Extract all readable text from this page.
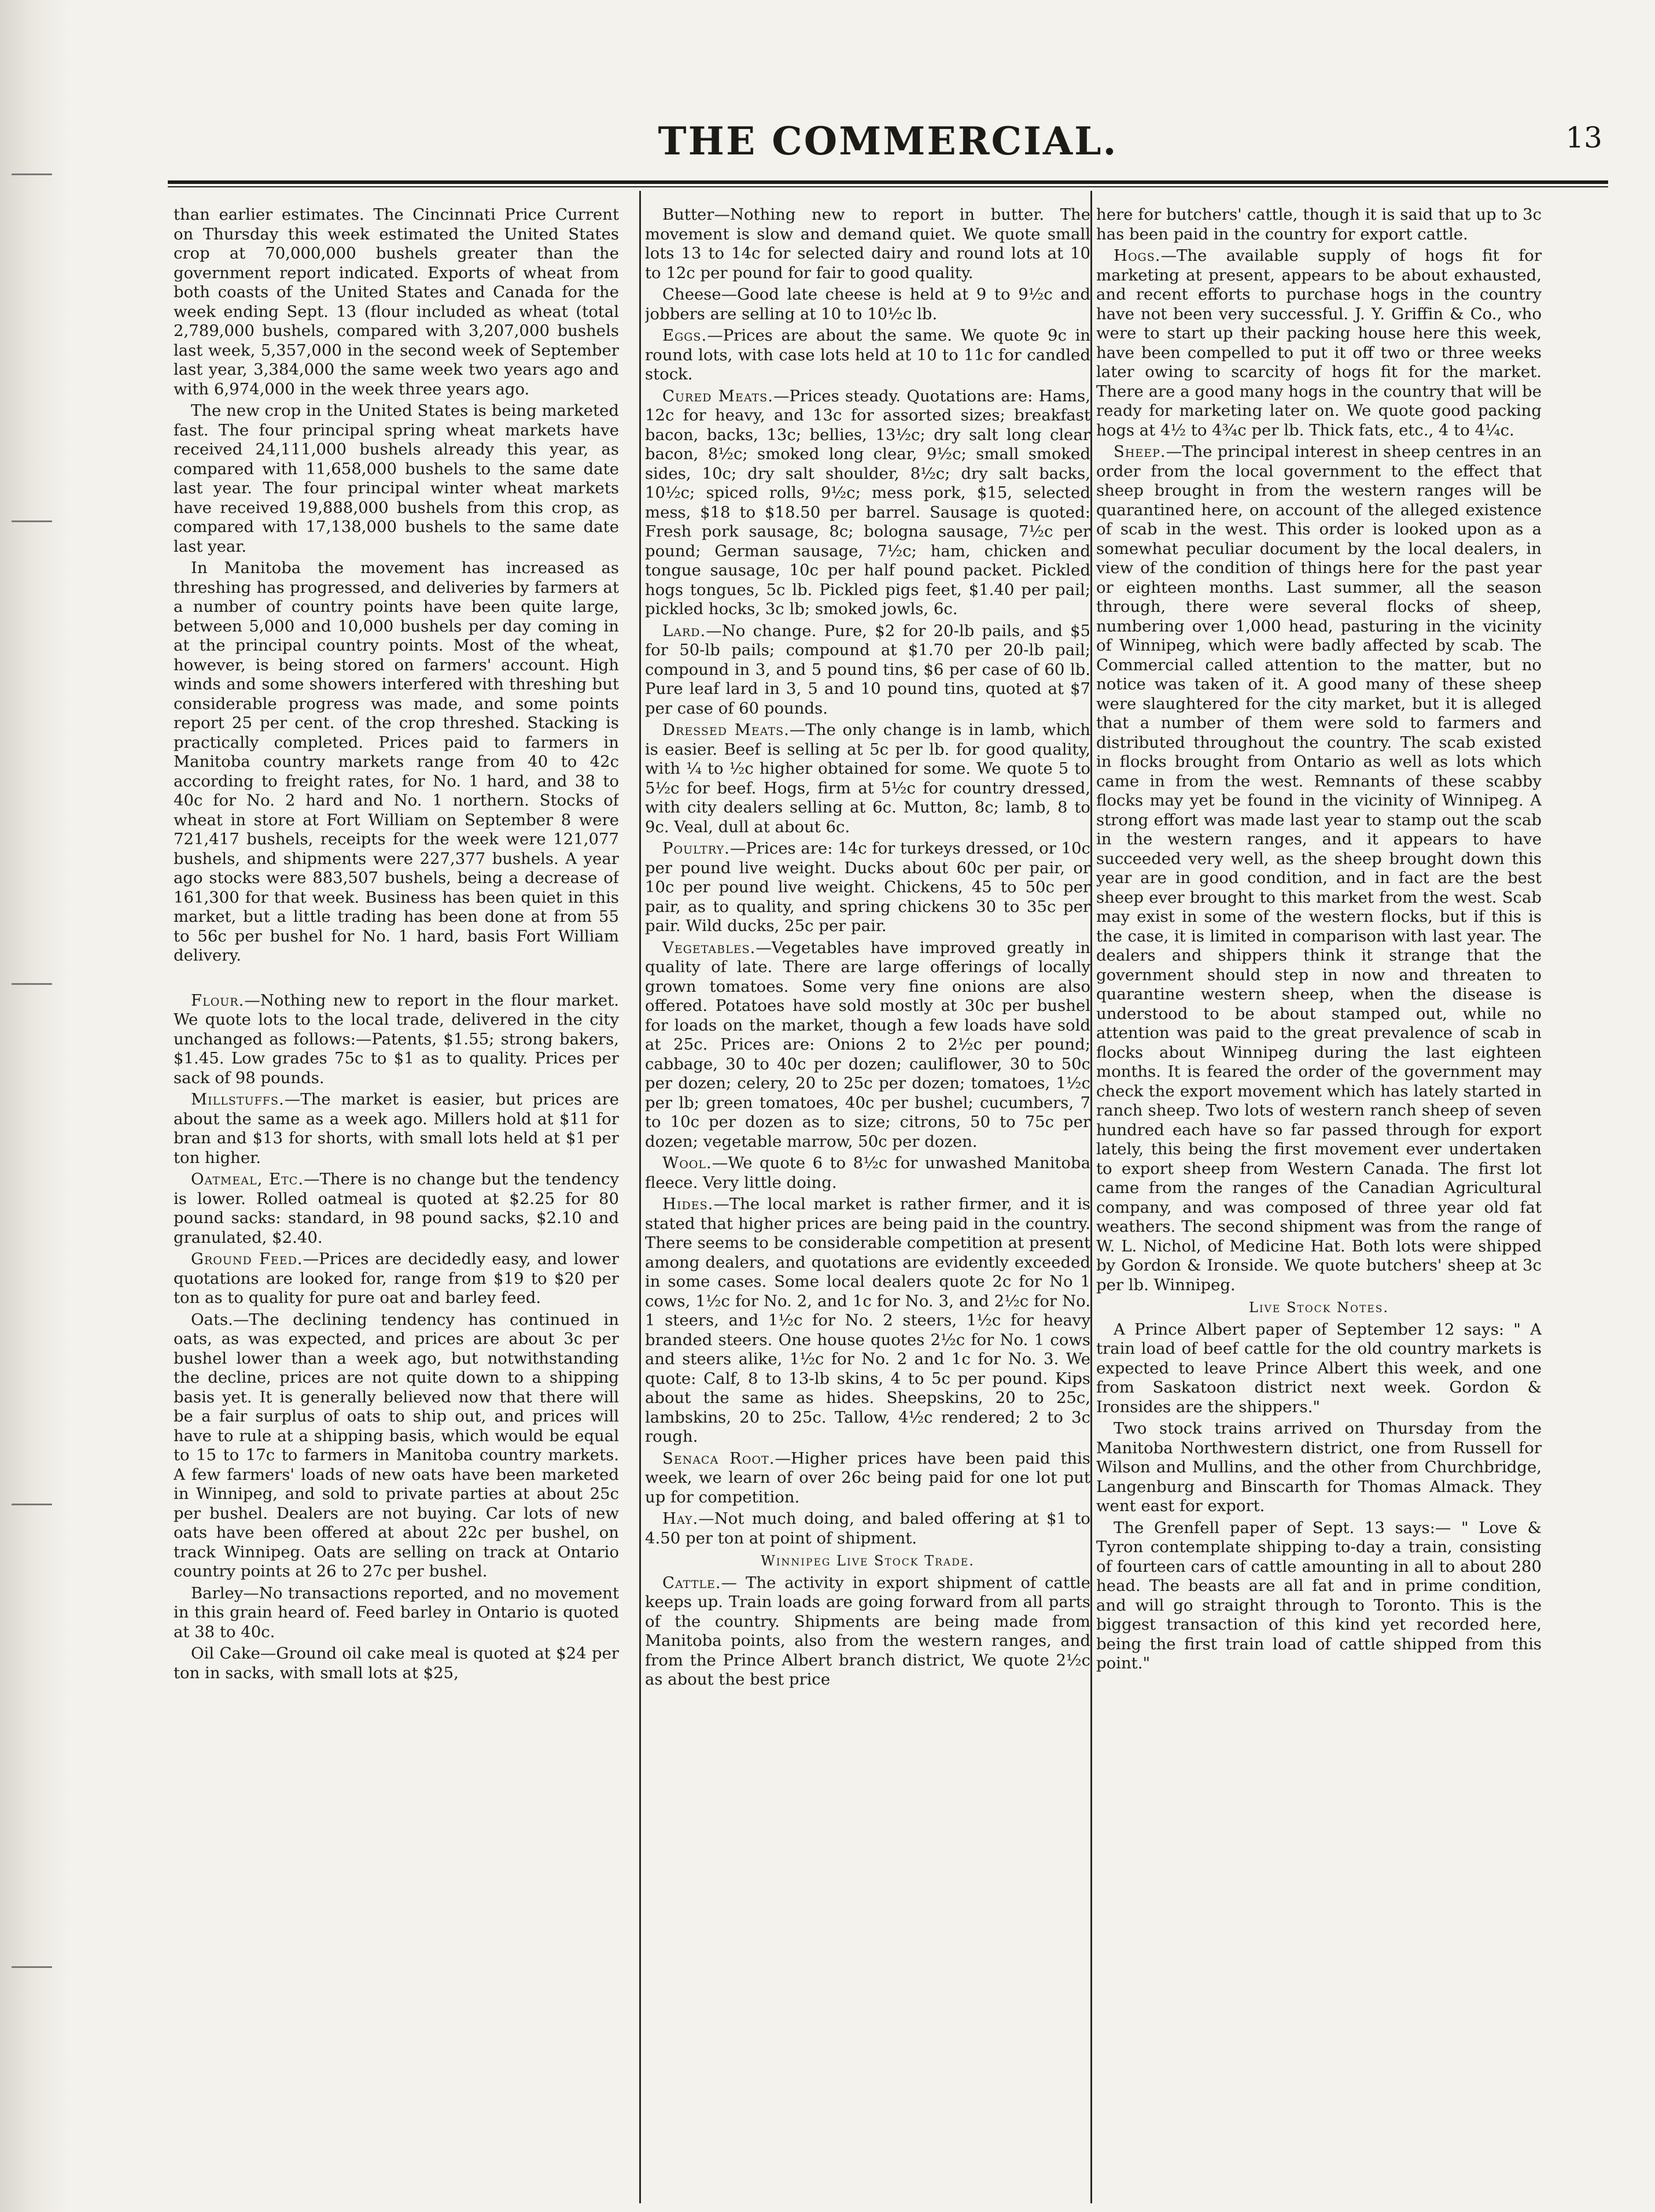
THE COMMERCIAL.	13

than earlier estimates. The Cincinnati Price Current on Thursday this week estimated the United States crop at 70,000,000 bushels greater than the government report indicated. Exports of wheat from both coasts of the United States and Canada for the week ending Sept. 13 (flour included as wheat (total 2,789,000 bushels, compared with 3,207,000 bushels last week, 5,357,000 in the second week of September last year, 3,384,000 the same week two years ago and with 6,974,000 in the week three years ago.

The new crop in the United States is being marketed fast. The four principal spring wheat markets have received 24,111,000 bushels already this year, as compared with 11,658,000 bushels to the same date last year. The four principal winter wheat markets have received 19,888,000 bushels from this crop, as compared with 17,138,000 bushels to the same date last year.

In Manitoba the movement has increased as threshing has progressed, and deliveries by farmers at a number of country points have been quite large, between 5,000 and 10,000 bushels per day coming in at the principal country points. Most of the wheat, however, is being stored on farmers' account. High winds and some showers interfered with threshing but considerable progress was made, and some points report 25 per cent. of the crop threshed. Stacking is practically completed. Prices paid to farmers in Manitoba country markets range from 40 to 42c according to freight rates, for No. 1 hard, and 38 to 40c for No. 2 hard and No. 1 northern. Stocks of wheat in store at Fort William on September 8 were 721,417 bushels, receipts for the week were 121,077 bushels, and shipments were 227,377 bushels. A year ago stocks were 883,507 bushels, being a decrease of 161,300 for that week. Business has been quiet in this market, but a little trading has been done at from 55 to 56c per bushel for No. 1 hard, basis Fort William delivery.

Flour.—Nothing new to report in the flour market. We quote lots to the local trade, delivered in the city unchanged as follows:—Patents, $1.55; strong bakers, $1.45. Low grades 75c to $1 as to quality. Prices per sack of 98 pounds.

Millstuffs.—The market is easier, but prices are about the same as a week ago. Millers hold at $11 for bran and $13 for shorts, with small lots held at $1 per ton higher.

Oatmeal, Etc.—There is no change but the tendency is lower. Rolled oatmeal is quoted at $2.25 for 80 pound sacks: standard, in 98 pound sacks, $2.10 and granulated, $2.40.

Ground Feed.—Prices are decidedly easy, and lower quotations are looked for, range from $19 to $20 per ton as to quality for pure oat and barley feed.

Oats.—The declining tendency has continued in oats, as was expected, and prices are about 3c per bushel lower than a week ago, but notwithstanding the decline, prices are not quite down to a shipping basis yet. It is generally believed now that there will be a fair surplus of oats to ship out, and prices will have to rule at a shipping basis, which would be equal to 15 to 17c to farmers in Manitoba country markets. A few farmers' loads of new oats have been marketed in Winnipeg, and sold to private parties at about 25c per bushel. Dealers are not buying. Car lots of new oats have been offered at about 22c per bushel, on track Winnipeg. Oats are selling on track at Ontario country points at 26 to 27c per bushel.

Barley—No transactions reported, and no movement in this grain heard of. Feed barley in Ontario is quoted at 38 to 40c.

Oil Cake—Ground oil cake meal is quoted at $24 per ton in sacks, with small lots at $25,

Butter—Nothing new to report in butter. The movement is slow and demand quiet. We quote small lots 13 to 14c for selected dairy and round lots at 10 to 12c per pound for fair to good quality.

Cheese—Good late cheese is held at 9 to 9½c and jobbers are selling at 10 to 10½c lb.

Eggs.—Prices are about the same. We quote 9c in round lots, with case lots held at 10 to 11c for candled stock.

Cured Meats.—Prices steady. Quotations are: Hams, 12c for heavy, and 13c for assorted sizes; breakfast bacon, backs, 13c; bellies, 13½c; dry salt long clear bacon, 8½c; smoked long clear, 9½c; small smoked sides, 10c; dry salt shoulder, 8½c; dry salt backs, 10½c; spiced rolls, 9½c; mess pork, $15, selected mess, $18 to $18.50 per barrel. Sausage is quoted: Fresh pork sausage, 8c; bologna sausage, 7½c per pound; German sausage, 7½c; ham, chicken and tongue sausage, 10c per half pound packet. Pickled hogs tongues, 5c lb. Pickled pigs feet, $1.40 per pail; pickled hocks, 3c lb; smoked jowls, 6c.

Lard.—No change. Pure, $2 for 20-lb pails, and $5 for 50-lb pails; compound at $1.70 per 20-lb pail; compound in 3, and 5 pound tins, $6 per case of 60 lb. Pure leaf lard in 3, 5 and 10 pound tins, quoted at $7 per case of 60 pounds.

Dressed Meats.—The only change is in lamb, which is easier. Beef is selling at 5c per lb. for good quality, with ¼ to ½c higher obtained for some. We quote 5 to 5½c for beef. Hogs, firm at 5½c for country dressed, with city dealers selling at 6c. Mutton, 8c; lamb, 8 to 9c. Veal, dull at about 6c.

Poultry.—Prices are: 14c for turkeys dressed, or 10c per pound live weight. Ducks about 60c per pair, or 10c per pound live weight. Chickens, 45 to 50c per pair, as to quality, and spring chickens 30 to 35c per pair. Wild ducks, 25c per pair.

Vegetables.—Vegetables have improved greatly in quality of late. There are large offerings of locally grown tomatoes. Some very fine onions are also offered. Potatoes have sold mostly at 30c per bushel for loads on the market, though a few loads have sold at 25c. Prices are: Onions 2 to 2½c per pound; cabbage, 30 to 40c per dozen; cauliflower, 30 to 50c per dozen; celery, 20 to 25c per dozen; tomatoes, 1½c per lb; green tomatoes, 40c per bushel; cucumbers, 7 to 10c per dozen as to size; citrons, 50 to 75c per dozen; vegetable marrow, 50c per dozen.

Wool.—We quote 6 to 8½c for unwashed Manitoba fleece. Very little doing.

Hides.—The local market is rather firmer, and it is stated that higher prices are being paid in the country. There seems to be considerable competition at present among dealers, and quotations are evidently exceeded in some cases. Some local dealers quote 2c for No 1 cows, 1½c for No. 2, and 1c for No. 3, and 2½c for No. 1 steers, and 1½c for No. 2 steers, 1½c for heavy branded steers. One house quotes 2½c for No. 1 cows and steers alike, 1½c for No. 2 and 1c for No. 3. We quote: Calf, 8 to 13-lb skins, 4 to 5c per pound. Kips about the same as hides. Sheepskins, 20 to 25c, lambskins, 20 to 25c. Tallow, 4½c rendered; 2 to 3c rough.

Senaca Root.—Higher prices have been paid this week, we learn of over 26c being paid for one lot put up for competition.

Hay.—Not much doing, and baled offering at $1 to 4.50 per ton at point of shipment.

Winnipeg Live Stock Trade.

Cattle.— The activity in export shipment of cattle keeps up. Train loads are going forward from all parts of the country. Shipments are being made from Manitoba points, also from the western ranges, and from the Prince Albert branch district, We quote 2½c as about the best price

here for butchers' cattle, though it is said that up to 3c has been paid in the country for export cattle.

Hogs.—The available supply of hogs fit for marketing at present, appears to be about exhausted, and recent efforts to purchase hogs in the country have not been very successful. J. Y. Griffin & Co., who were to start up their packing house here this week, have been compelled to put it off two or three weeks later owing to scarcity of hogs fit for the market. There are a good many hogs in the country that will be ready for marketing later on. We quote good packing hogs at 4½ to 4¾c per lb. Thick fats, etc., 4 to 4¼c.

Sheep.—The principal interest in sheep centres in an order from the local government to the effect that sheep brought in from the western ranges will be quarantined here, on account of the alleged existence of scab in the west. This order is looked upon as a somewhat peculiar document by the local dealers, in view of the condition of things here for the past year or eighteen months. Last summer, all the season through, there were several flocks of sheep, numbering over 1,000 head, pasturing in the vicinity of Winnipeg, which were badly affected by scab. The Commercial called attention to the matter, but no notice was taken of it. A good many of these sheep were slaughtered for the city market, but it is alleged that a number of them were sold to farmers and distributed throughout the country. The scab existed in flocks brought from Ontario as well as lots which came in from the west. Remnants of these scabby flocks may yet be found in the vicinity of Winnipeg. A strong effort was made last year to stamp out the scab in the western ranges, and it appears to have succeeded very well, as the sheep brought down this year are in good condition, and in fact are the best sheep ever brought to this market from the west. Scab may exist in some of the western flocks, but if this is the case, it is limited in comparison with last year. The dealers and shippers think it strange that the government should step in now and threaten to quarantine western sheep, when the disease is understood to be about stamped out, while no attention was paid to the great prevalence of scab in flocks about Winnipeg during the last eighteen months. It is feared the order of the government may check the export movement which has lately started in ranch sheep. Two lots of western ranch sheep of seven hundred each have so far passed through for export lately, this being the first movement ever undertaken to export sheep from Western Canada. The first lot came from the ranges of the Canadian Agricultural company, and was composed of three year old fat weathers. The second shipment was from the range of W. L. Nichol, of Medicine Hat. Both lots were shipped by Gordon & Ironside. We quote butchers' sheep at 3c per lb. Winnipeg.

Live Stock Notes.

A Prince Albert paper of September 12 says: " A train load of beef cattle for the old country markets is expected to leave Prince Albert this week, and one from Saskatoon district next week. Gordon & Ironsides are the shippers."

Two stock trains arrived on Thursday from the Manitoba Northwestern district, one from Russell for Wilson and Mullins, and the other from Churchbridge, Langenburg and Binscarth for Thomas Almack. They went east for export.

The Grenfell paper of Sept. 13 says:— " Love & Tyron contemplate shipping to-day a train, consisting of fourteen cars of cattle amounting in all to about 280 head. The beasts are all fat and in prime condition, and will go straight through to Toronto. This is the biggest transaction of this kind yet recorded here, being the first train load of cattle shipped from this point."
